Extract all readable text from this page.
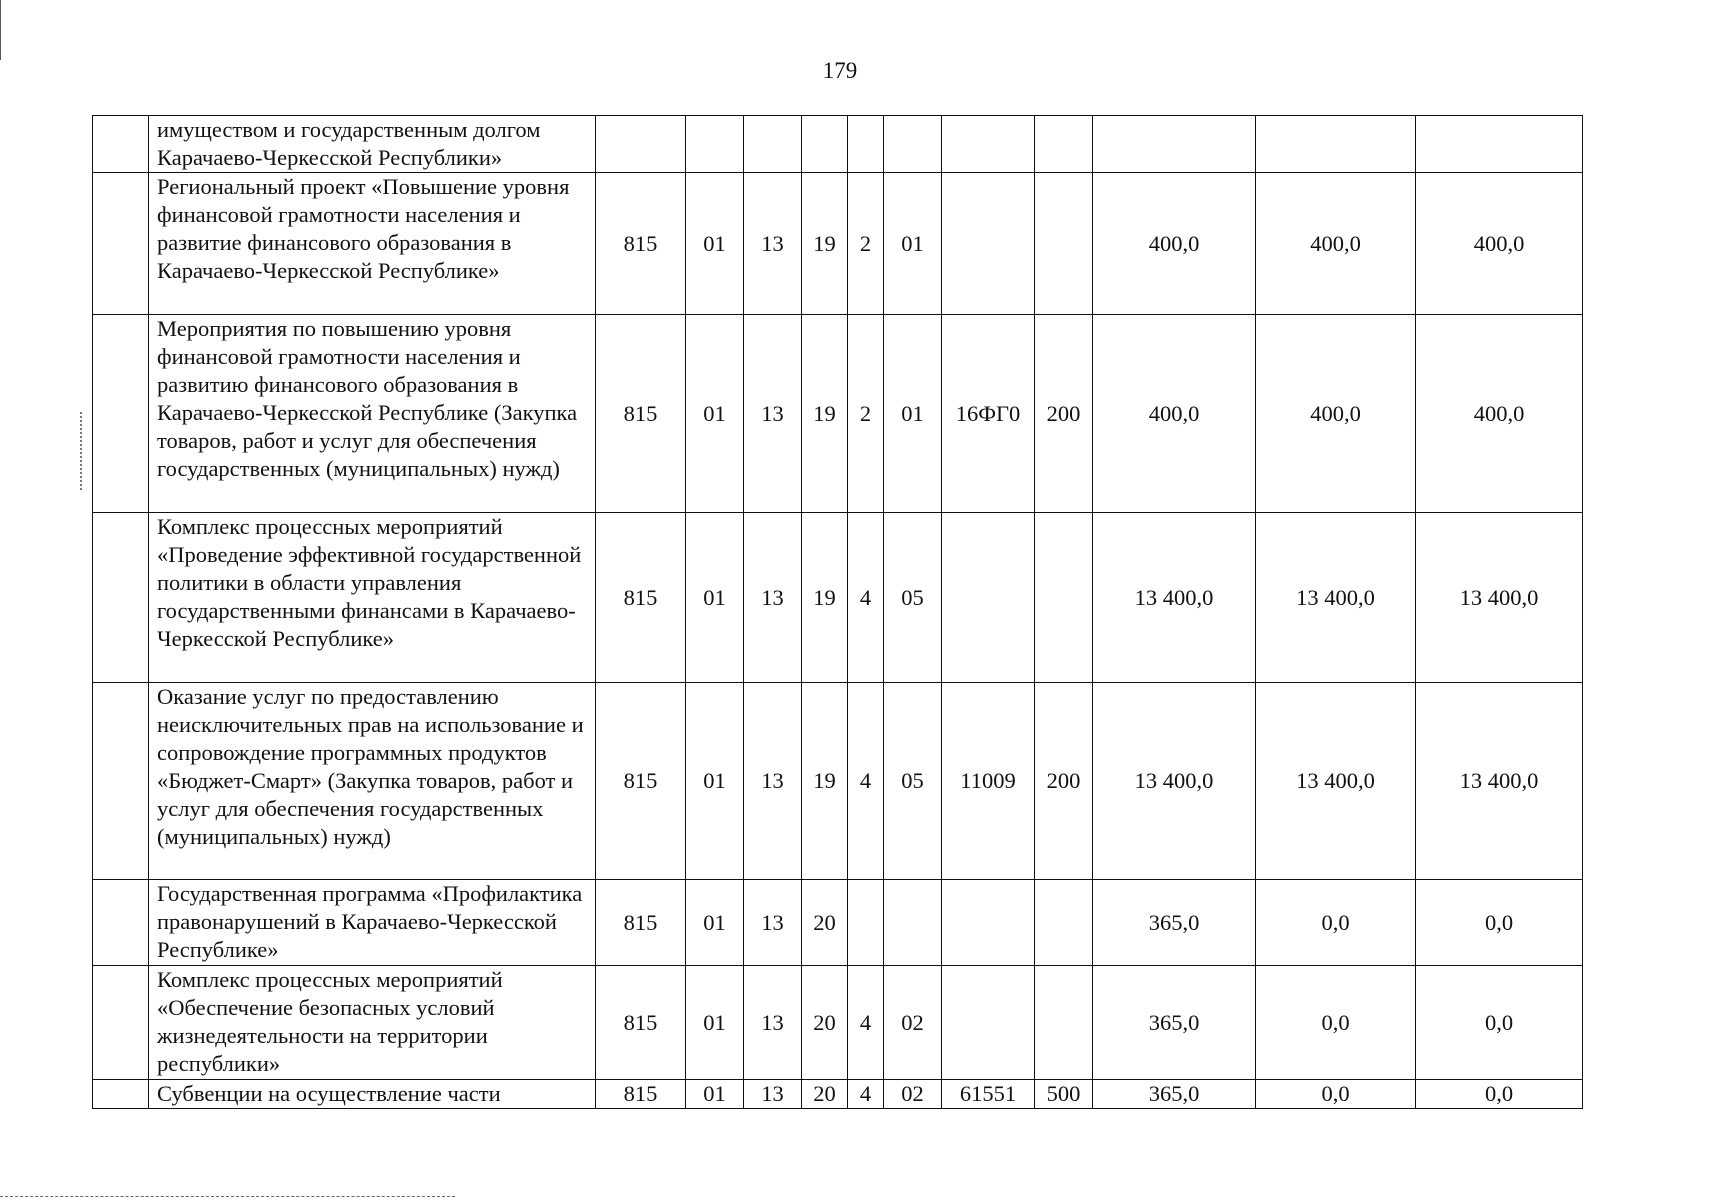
179
	имуществом и государственным долгом Карачаево-Черкесской Республики»											
	Региональный проект «Повышение уровня финансовой грамотности населения и развитие финансового образования в Карачаево-Черкесской Республике»	815	01	13	19	2	01			400,0	400,0	400,0
	Мероприятия по повышению уровня финансовой грамотности населения и развитию финансового образования в Карачаево-Черкесской Республике (Закупка товаров, работ и услуг для обеспечения государственных (муниципальных) нужд)	815	01	13	19	2	01	16ФГ0	200	400,0	400,0	400,0
	Комплекс процессных мероприятий «Проведение эффективной государственной политики в области управления государственными финансами в Карачаево-Черкесской Республике»	815	01	13	19	4	05			13 400,0	13 400,0	13 400,0
	Оказание услуг по предоставлению неисключительных прав на использование и сопровождение программных продуктов «Бюджет-Смарт» (Закупка товаров, работ и услуг для обеспечения государственных (муниципальных) нужд)	815	01	13	19	4	05	11009	200	13 400,0	13 400,0	13 400,0
	Государственная программа «Профилактика правонарушений в Карачаево-Черкесской Республике»	815	01	13	20					365,0	0,0	0,0
	Комплекс процессных мероприятий «Обеспечение безопасных условий жизнедеятельности на территории республики»	815	01	13	20	4	02			365,0	0,0	0,0
	Субвенции на осуществление части	815	01	13	20	4	02	61551	500	365,0	0,0	0,0
